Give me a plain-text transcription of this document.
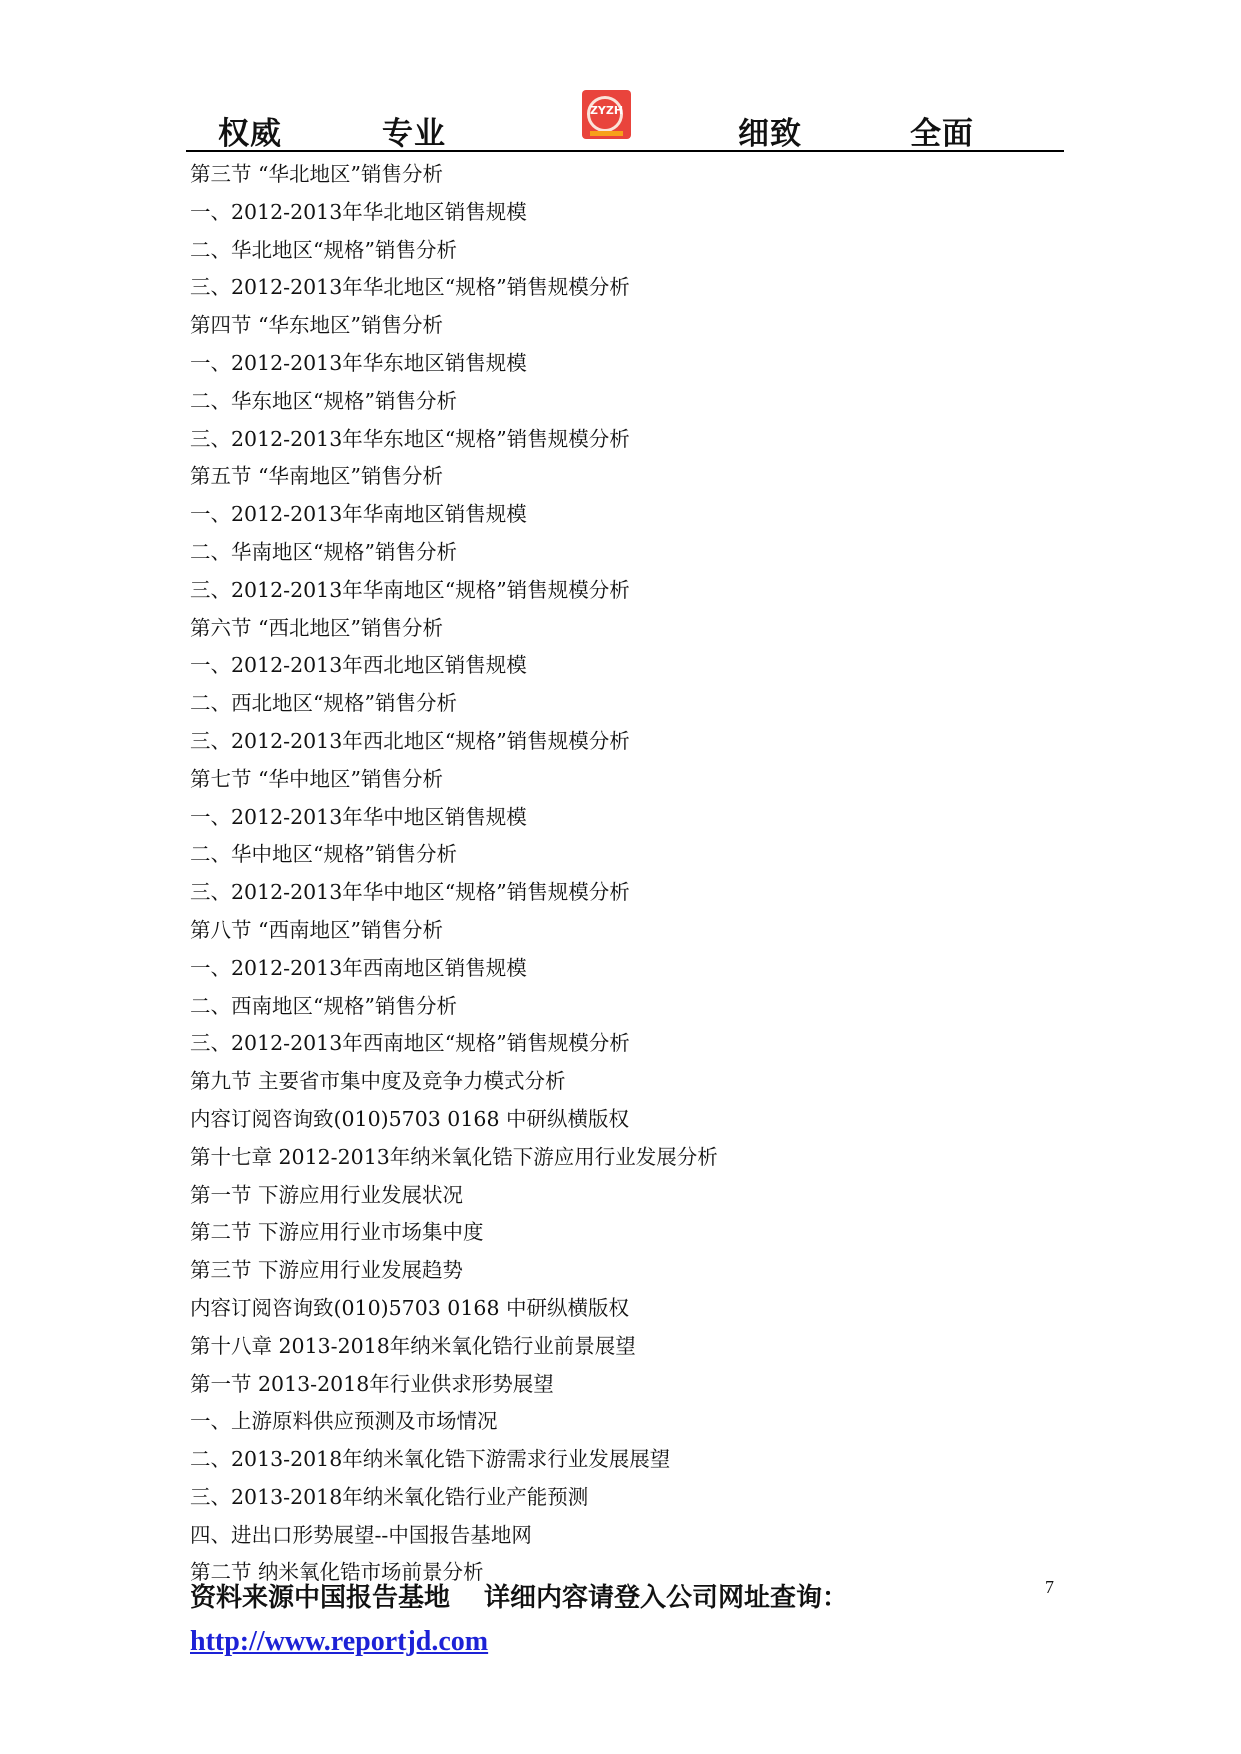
权威	专业
ZYZH
细致	全面
第三节 “华北地区”销售分析
一、2012-2013年华北地区销售规模
二、华北地区“规格”销售分析
三、2012-2013年华北地区“规格”销售规模分析
第四节 “华东地区”销售分析
一、2012-2013年华东地区销售规模
二、华东地区“规格”销售分析
三、2012-2013年华东地区“规格”销售规模分析
第五节 “华南地区”销售分析
一、2012-2013年华南地区销售规模
二、华南地区“规格”销售分析
三、2012-2013年华南地区“规格”销售规模分析
第六节 “西北地区”销售分析
一、2012-2013年西北地区销售规模
二、西北地区“规格”销售分析
三、2012-2013年西北地区“规格”销售规模分析
第七节 “华中地区”销售分析
一、2012-2013年华中地区销售规模
二、华中地区“规格”销售分析
三、2012-2013年华中地区“规格”销售规模分析
第八节 “西南地区”销售分析
一、2012-2013年西南地区销售规模
二、西南地区“规格”销售分析
三、2012-2013年西南地区“规格”销售规模分析
第九节 主要省市集中度及竞争力模式分析
内容订阅咨询致(010)5703 0168 中研纵横版权
第十七章 2012-2013年纳米氧化锆下游应用行业发展分析
第一节 下游应用行业发展状况
第二节 下游应用行业市场集中度
第三节 下游应用行业发展趋势
内容订阅咨询致(010)5703 0168 中研纵横版权
第十八章 2013-2018年纳米氧化锆行业前景展望
第一节 2013-2018年行业供求形势展望
一、上游原料供应预测及市场情况
二、2013-2018年纳米氧化锆下游需求行业发展展望
三、2013-2018年纳米氧化锆行业产能预测
四、进出口形势展望--中国报告基地网
第二节 纳米氧化锆市场前景分析
资料来源中国报告基地 详细内容请登入公司网址查询：
http://www.reportjd.com
7
